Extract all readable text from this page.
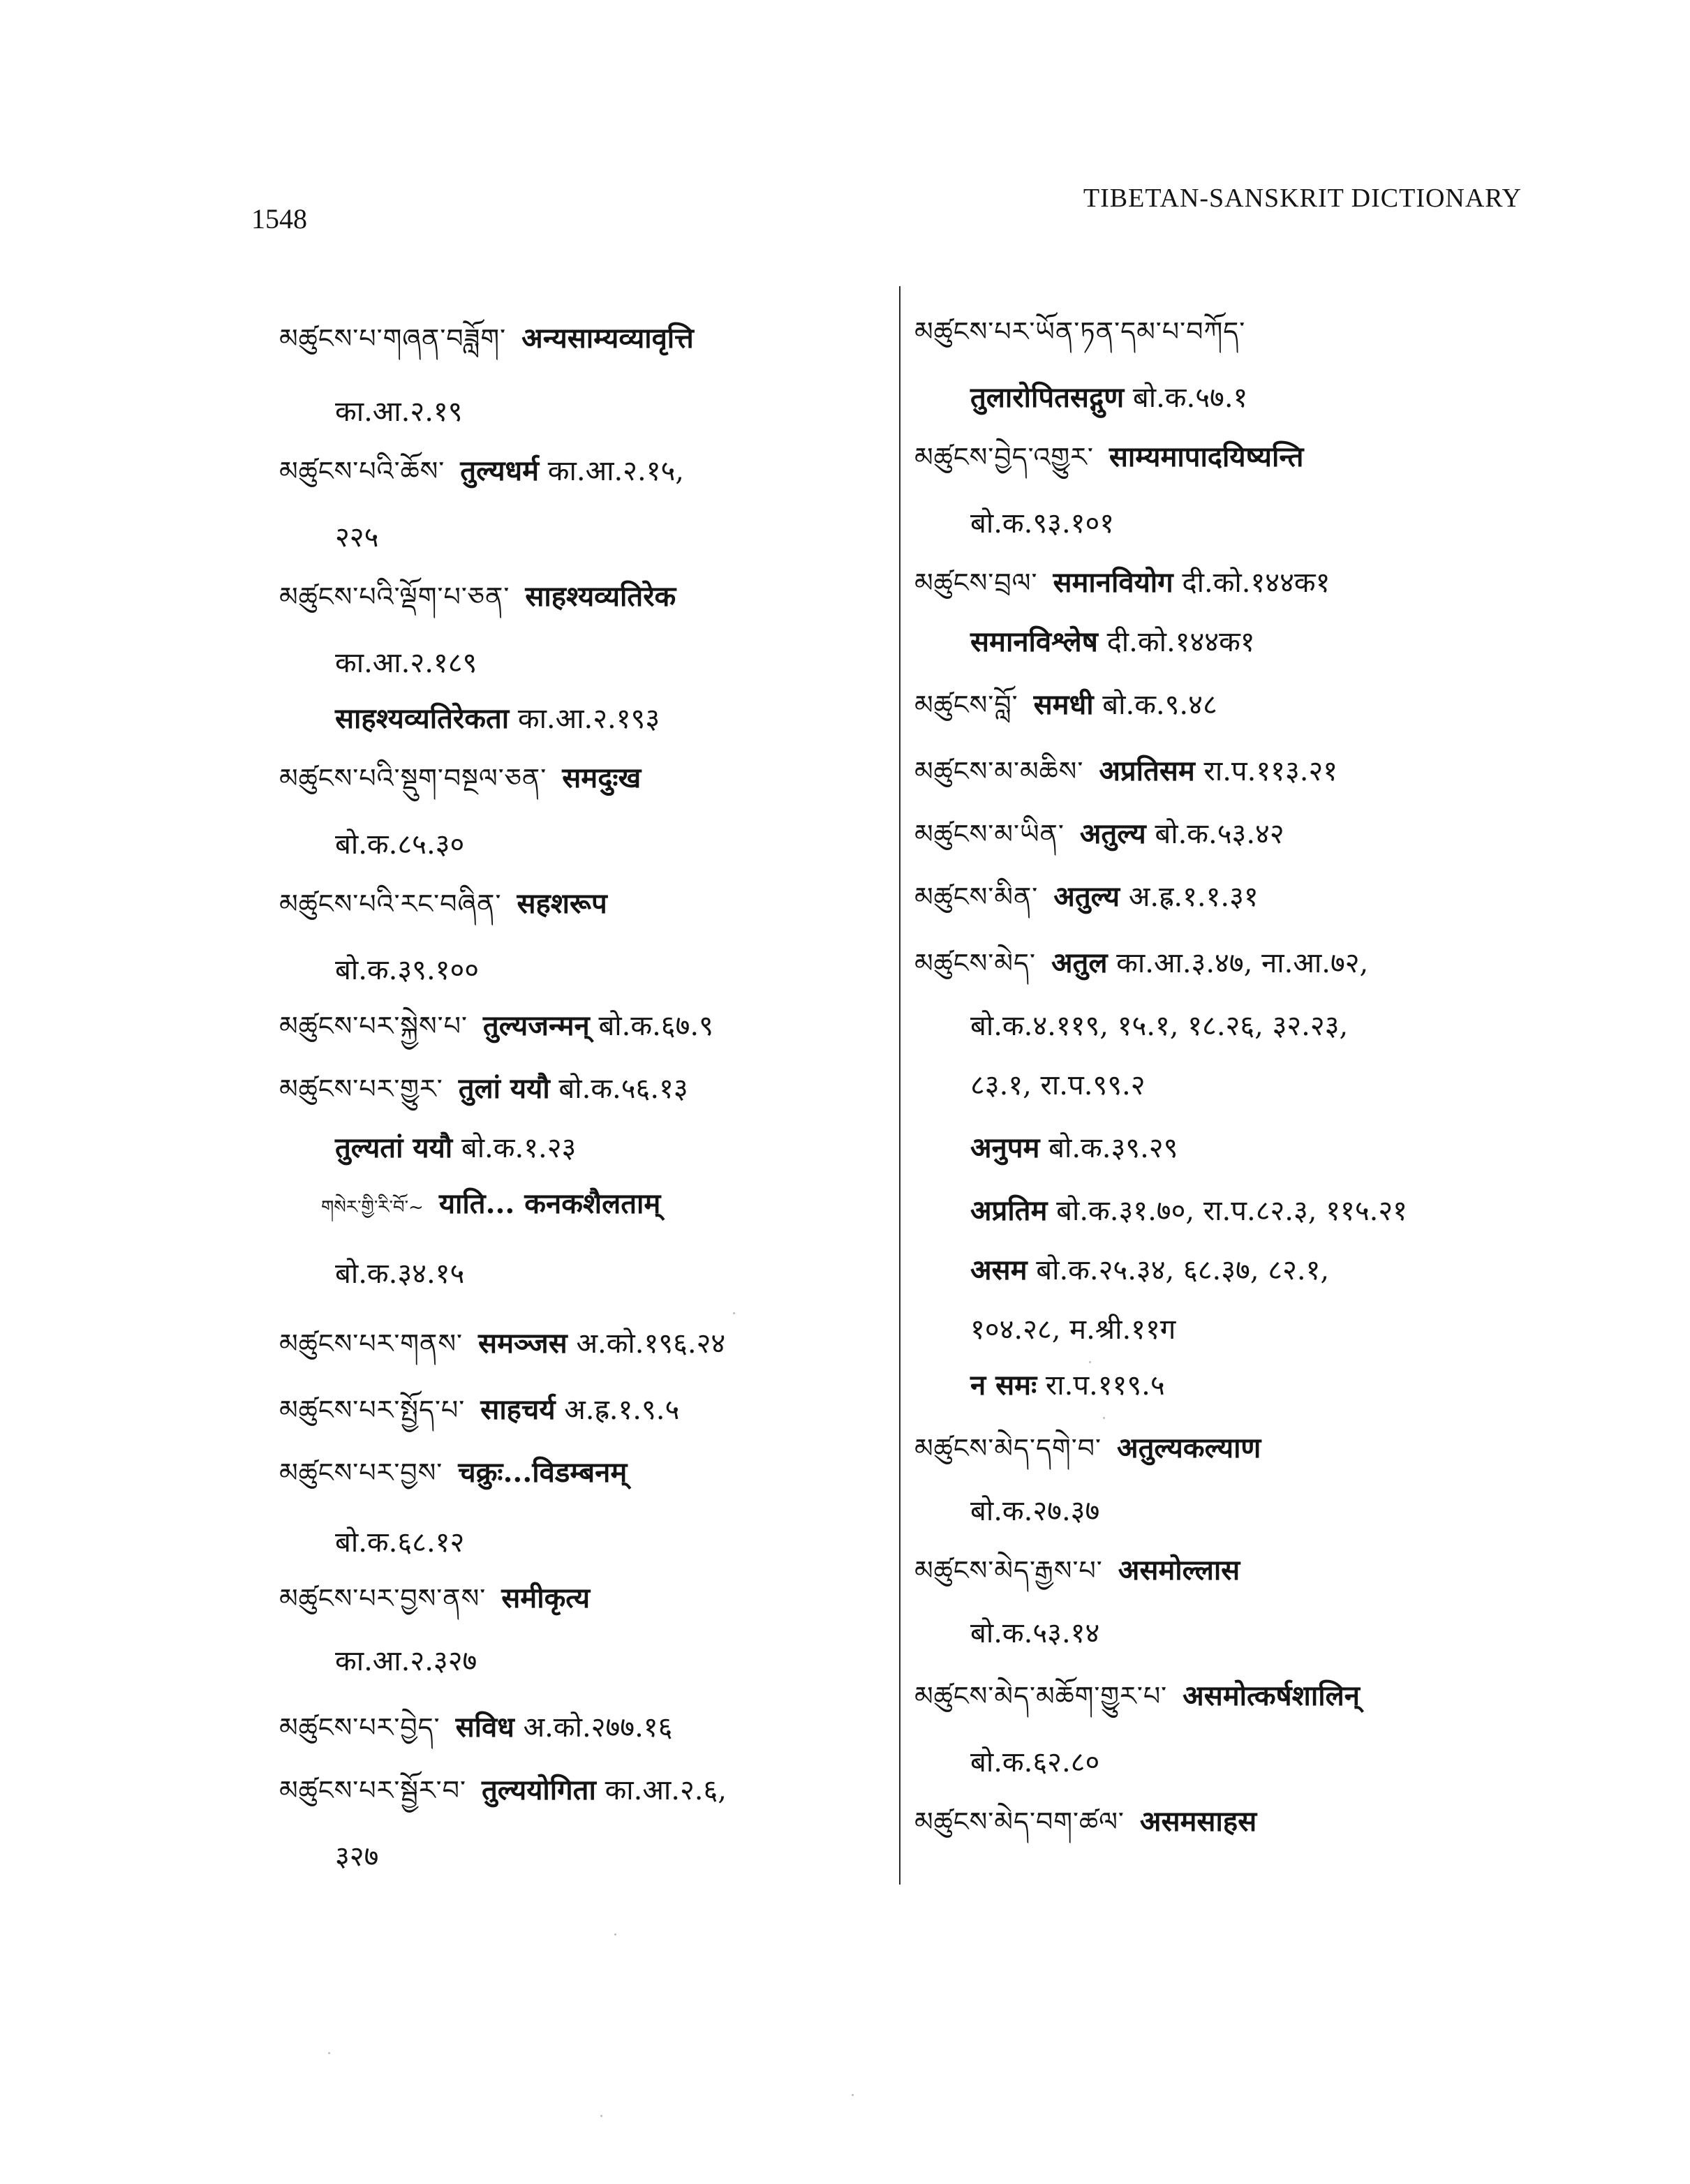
1548
TIBETAN-SANSKRIT DICTIONARY
མཚུངས་པ་གཞན་བཟློག་ अन्यसाम्यव्यावृत्ति
का.आ.२.१९
མཚུངས་པའི་ཆོས་ तुल्यधर्म का.आ.२.१५,
२२५
མཚུངས་པའི་ལྡོག་པ་ཅན་ साहश्यव्यतिरेक
का.आ.२.१८९
साहश्यव्यतिरेकता का.आ.२.१९३
མཚུངས་པའི་སྡུག་བསྔལ་ཅན་ समदुःख
बो.क.८५.३०
མཚུངས་པའི་རང་བཞིན་ सहशरूप
बो.क.३९.१००
མཚུངས་པར་སྐྱེས་པ་ तुल्यजन्मन् बो.क.६७.९
མཚུངས་པར་གྱུར་ तुलां ययौ बो.क.५६.१३
तुल्यतां ययौ बो.क.१.२३
གསེར་གྱི་རི་བོ་~ याति... कनकशैलताम्
बो.क.३४.१५
མཚུངས་པར་གནས་ समञ्जस अ.को.१९६.२४
མཚུངས་པར་སྤྱོད་པ་ साहचर्य अ.ह्र.१.९.५
མཚུངས་པར་བྱས་ चक्रुः...विडम्बनम्
बो.क.६८.१२
མཚུངས་པར་བྱས་ནས་ समीकृत्य
का.आ.२.३२७
མཚུངས་པར་བྱེད་ सविध अ.को.२७७.१६
མཚུངས་པར་སྦྱོར་བ་ तुल्ययोगिता का.आ.२.६,
३२७
མཚུངས་པར་ཡོན་ཏན་དམ་པ་བཀོད་
तुलारोपितसद्गुण बो.क.५७.१
མཚུངས་བྱེད་འགྱུར་ साम्यमापादयिष्यन्ति
बो.क.९३.१०१
མཚུངས་བྲལ་ समानवियोग दी.को.१४४क१
समानविश्लेष दी.को.१४४क१
མཚུངས་བློ་ समधी बो.क.९.४८
མཚུངས་མ་མཆིས་ अप्रतिसम रा.प.११३.२१
མཚུངས་མ་ཡིན་ अतुल्य बो.क.५३.४२
མཚུངས་མིན་ अतुल्य अ.ह्र.१.१.३१
མཚུངས་མེད་ अतुल का.आ.३.४७, ना.आ.७२,
बो.क.४.११९, १५.१, १८.२६, ३२.२३,
८३.१, रा.प.९९.२
अनुपम बो.क.३९.२९
अप्रतिम बो.क.३१.७०, रा.प.८२.३, ११५.२१
असम बो.क.२५.३४, ६८.३७, ८२.१,
१०४.२८, म.श्री.११ग
न समः रा.प.११९.५
མཚུངས་མེད་དགེ་བ་ अतुल्यकल्याण
बो.क.२७.३७
མཚུངས་མེད་རྒྱས་པ་ असमोल्लास
बो.क.५३.१४
མཚུངས་མེད་མཆོག་གྱུར་པ་ असमोत्कर्षशालिन्
बो.क.६२.८०
མཚུངས་མེད་བག་ཚལ་ असमसाहस
